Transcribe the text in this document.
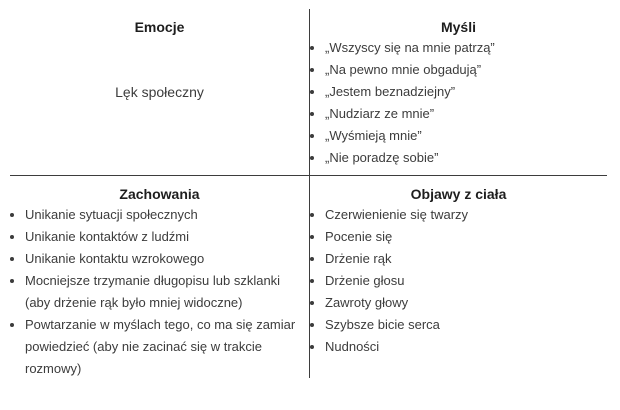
Emocje

Lęk społeczny

Myśli
• „Wszyscy się na mnie patrzą”
• „Na pewno mnie obgadują”
• „Jestem beznadziejny”
• „Nudziarz ze mnie”
• „Wyśmieją mnie”
• „Nie poradzę sobie”
Zachowania
• Unikanie sytuacji społecznych
• Unikanie kontaktów z ludźmi
• Unikanie kontaktu wzrokowego
• Mocniejsze trzymanie długopisu lub szklanki (aby drżenie rąk było mniej widoczne)
• Powtarzanie w myślach tego, co ma się zamiar powiedzieć (aby nie zacinać się w trakcie rozmowy)
Objawy z ciała
• Czerwienienie się twarzy
• Pocenie się
• Drżenie rąk
• Drżenie głosu
• Zawroty głowy
• Szybsze bicie serca
• Nudności
